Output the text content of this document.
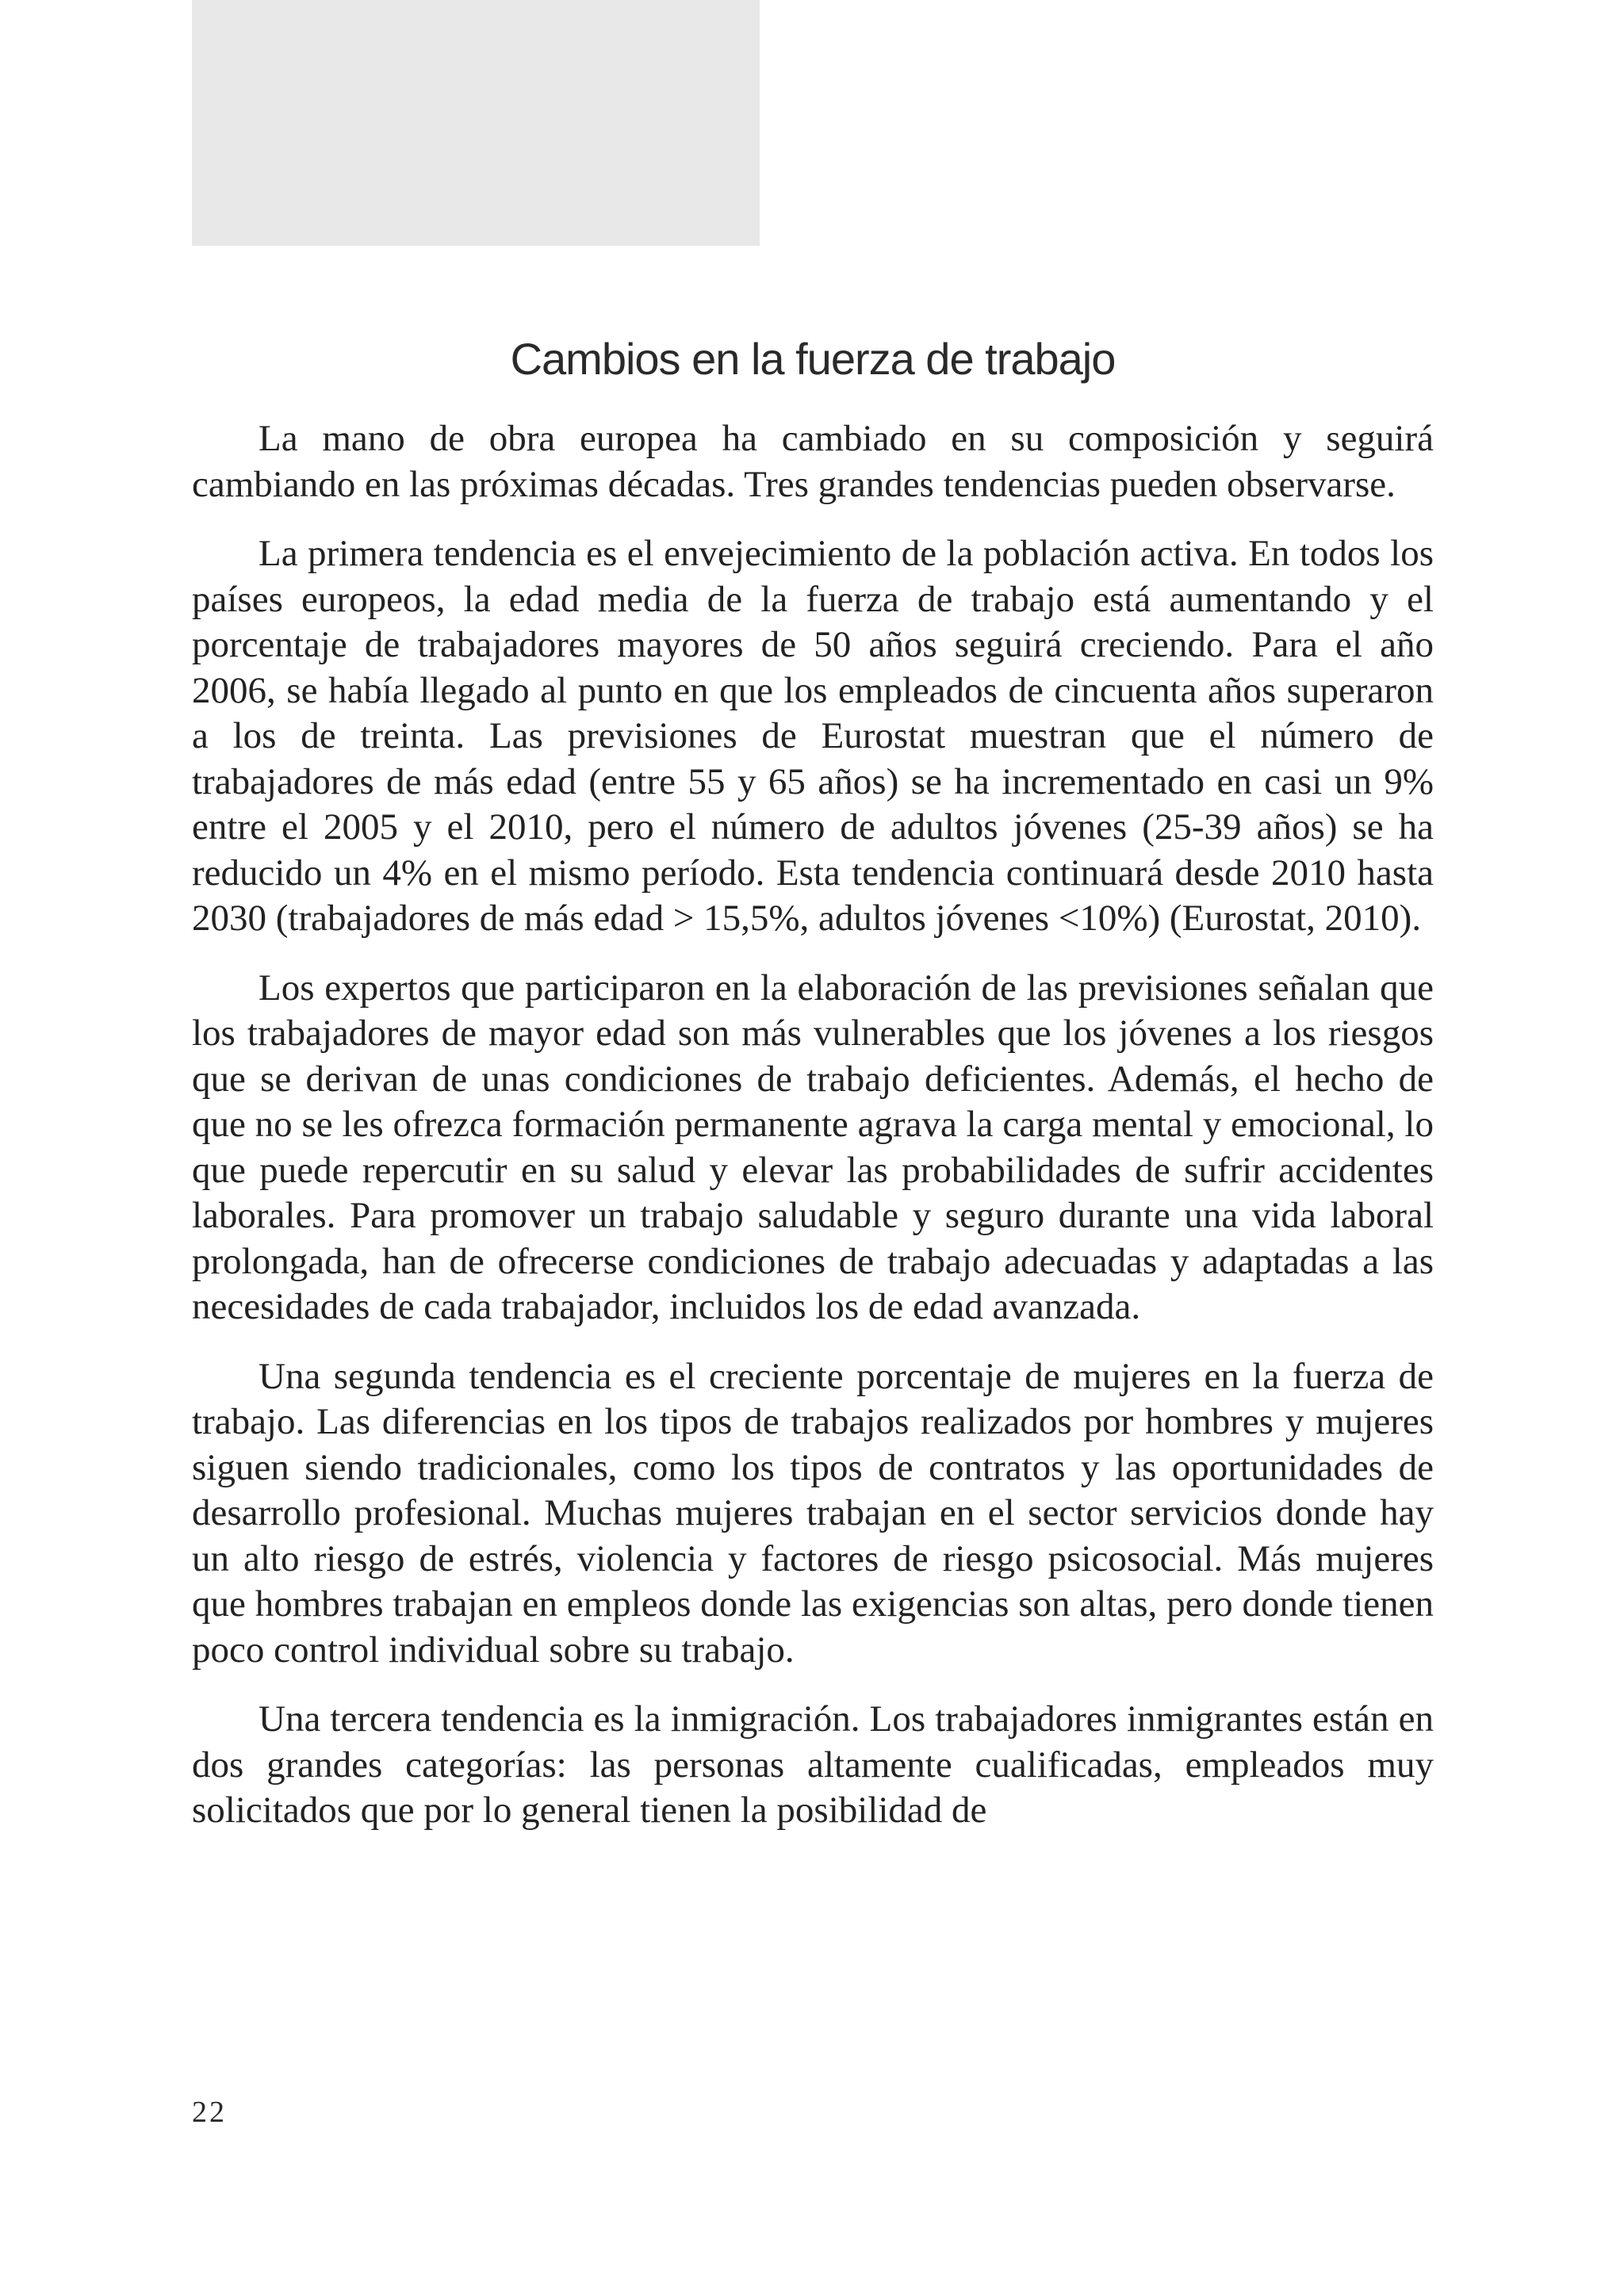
Cambios en la fuerza de trabajo

La mano de obra europea ha cambiado en su composición y seguirá cambiando en las próximas décadas. Tres grandes tendencias pueden observarse.

La primera tendencia es el envejecimiento de la población activa. En todos los países europeos, la edad media de la fuerza de trabajo está aumentando y el porcentaje de trabajadores mayores de 50 años seguirá creciendo. Para el año 2006, se había llegado al punto en que los empleados de cincuenta años superaron a los de treinta. Las previsiones de Eurostat muestran que el número de trabajadores de más edad (entre 55 y 65 años) se ha incrementado en casi un 9% entre el 2005 y el 2010, pero el número de adultos jóvenes (25-39 años) se ha reducido un 4% en el mismo período. Esta tendencia continuará desde 2010 hasta 2030 (trabajadores de más edad > 15,5%, adultos jóvenes <10%) (Eurostat, 2010).

Los expertos que participaron en la elaboración de las previsiones señalan que los trabajadores de mayor edad son más vulnerables que los jóvenes a los riesgos que se derivan de unas condiciones de trabajo deficientes. Además, el hecho de que no se les ofrezca formación permanente agrava la carga mental y emocional, lo que puede repercutir en su salud y elevar las probabilidades de sufrir accidentes laborales. Para promover un trabajo saludable y seguro durante una vida laboral prolongada, han de ofrecerse condiciones de trabajo adecuadas y adaptadas a las necesidades de cada trabajador, incluidos los de edad avanzada.

Una segunda tendencia es el creciente porcentaje de mujeres en la fuerza de trabajo. Las diferencias en los tipos de trabajos realizados por hombres y mujeres siguen siendo tradicionales, como los tipos de contratos y las oportunidades de desarrollo profesional. Muchas mujeres trabajan en el sector servicios donde hay un alto riesgo de estrés, violencia y factores de riesgo psicosocial. Más mujeres que hombres trabajan en empleos donde las exigencias son altas, pero donde tienen poco control individual sobre su trabajo.

Una tercera tendencia es la inmigración. Los trabajadores inmigrantes están en dos grandes categorías: las personas altamente cualificadas, empleados muy solicitados que por lo general tienen la posibilidad de

22
